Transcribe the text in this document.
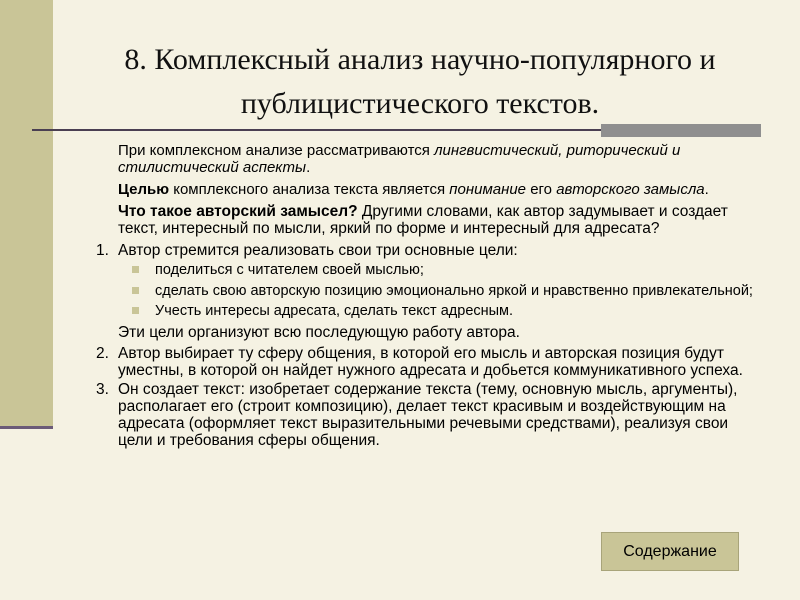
8. Комплексный анализ научно-популярного и публицистического текстов.
При комплексном анализе рассматриваются лингвистический, риторический и стилистический аспекты.
Целью комплексного анализа текста является понимание его авторского замысла.
Что такое авторский замысел? Другими словами, как автор задумывает и создает текст, интересный по мысли, яркий по форме и интересный для адресата?
1. Автор стремится реализовать свои три основные цели:
поделиться с читателем своей мыслью;
сделать свою авторскую позицию эмоционально яркой и нравственно привлекательной;
Учесть интересы адресата, сделать текст адресным.
Эти цели организуют всю последующую работу автора.
2. Автор выбирает ту сферу общения, в которой его мысль и авторская позиция будут уместны, в которой он найдет нужного адресата и добьется коммуникативного успеха.
3. Он создает текст: изобретает содержание текста (тему, основную мысль, аргументы), располагает его (строит композицию), делает текст красивым и воздействующим на адресата (оформляет текст выразительными речевыми средствами), реализуя свои цели и требования сферы общения.
Содержание
